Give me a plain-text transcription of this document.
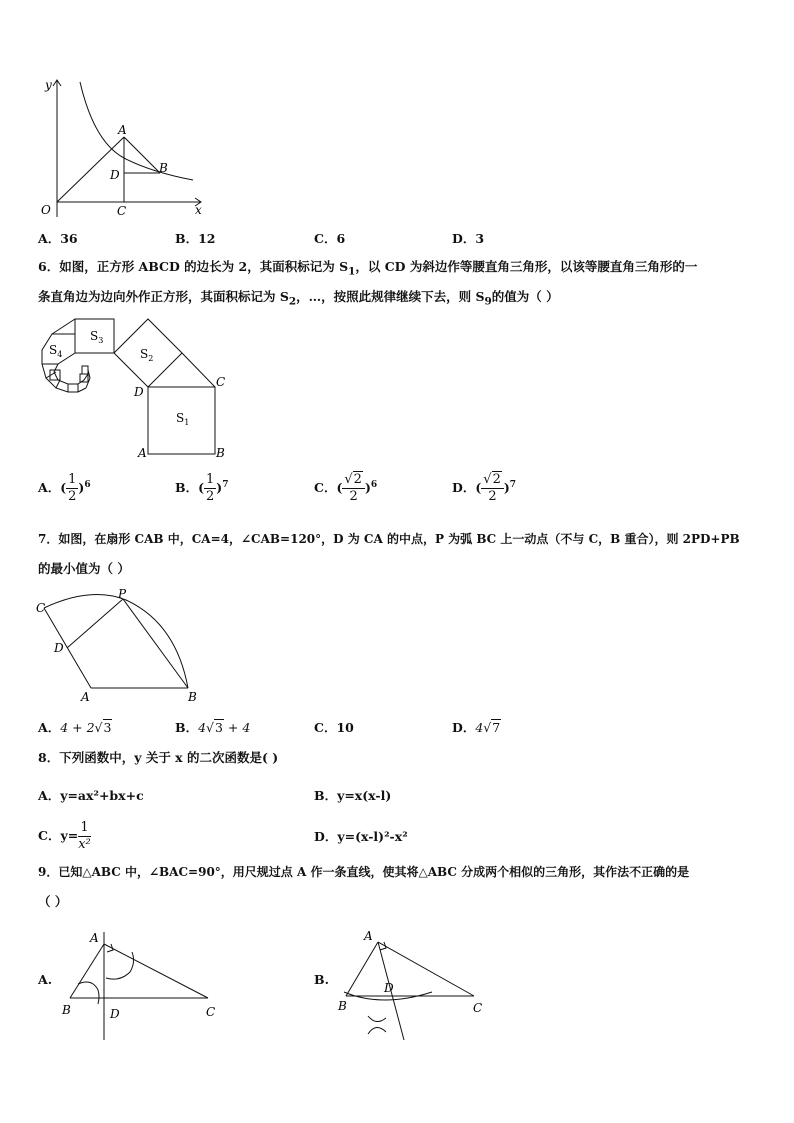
y
x
O
A
B
C
D
A．36	B．12	C．6	D．3
6．如图，正方形 ABCD 的边长为 2，其面积标记为 $S_1$，以 CD 为斜边作等腰直角三角形，以该等腰直角三角形的一
条直角边为边向外作正方形，其面积标记为 $S_2$，…，按照此规律继续下去，则 $S_9$的值为（ ）
$S_1$
$S_2$
$S_3$
$S_4$
C
D
A	B
A．( $\frac{1}{2} )^6$	B．( $\frac{1}{2} )^7$	C．( $\frac{√2}{2} )^6$	D．( $\frac{√2}{2} )^7$
7．如图，在扇形 CAB 中，CA=4，∠CAB=120°，D 为 CA 的中点，P 为弧 BC 上一动点（不与 C，B 重合），则 2PD+PB
的最小值为（ ）
C
P
D
A	B
A．4 + 2√3	B．4√3 + 4	C．10	D．4√7
8．下列函数中，y 关于 x 的二次函数是( )
A．y=ax²+bx+c	B．y=x(x-l)
C．$y= \frac{1}{\text{x²}}$	D．y=(x-l)²-x²
9．已知△ABC 中，∠BAC=90°，用尺规过点 A 作一条直线，使其将△ABC 分成两个相似的三角形，其作法不正确的是
（ ）
A.
A
B	D	C
B.
A
B
D
C
